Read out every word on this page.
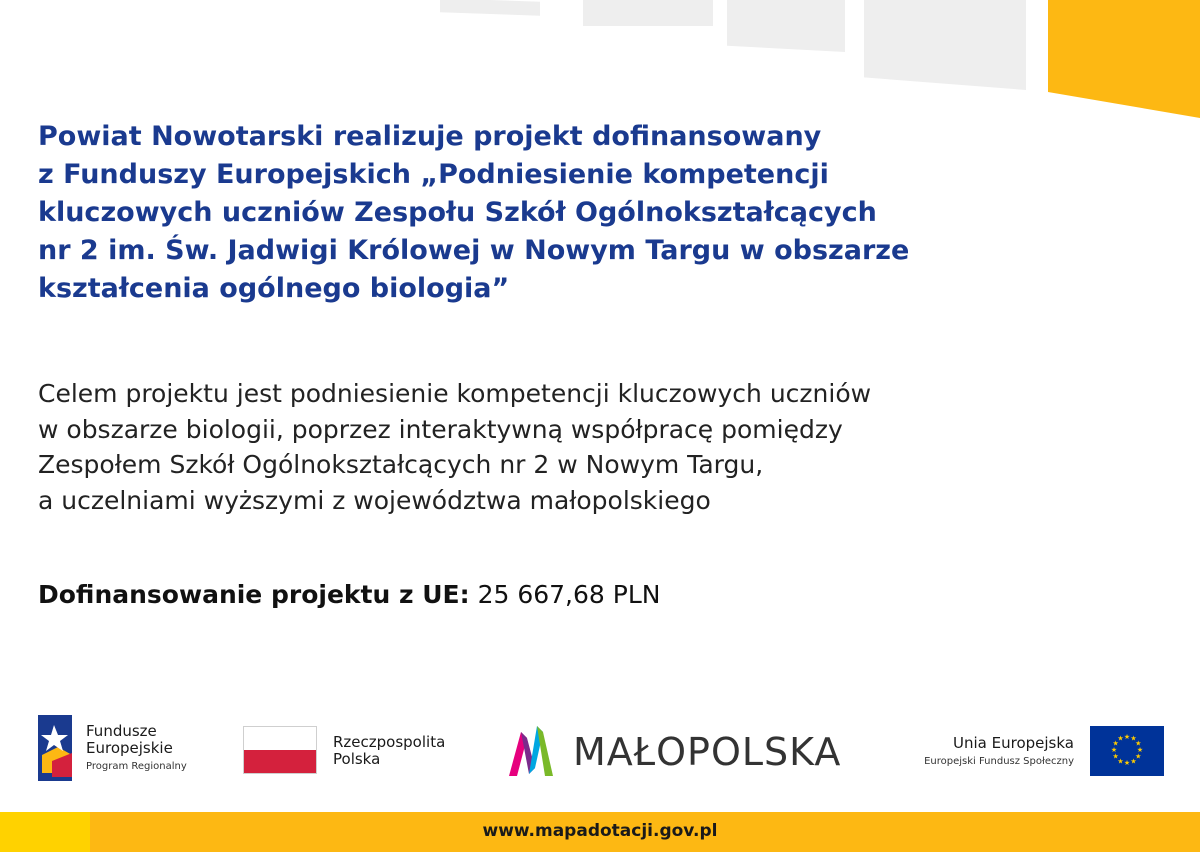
Powiat Nowotarski realizuje projekt dofinansowany
z Funduszy Europejskich „Podniesienie kompetencji
kluczowych uczniów Zespołu Szkół Ogólnokształcących
nr 2 im. Św. Jadwigi Królowej w Nowym Targu w obszarze
kształcenia ogólnego biologia”

Celem projektu jest podniesienie kompetencji kluczowych uczniów
w obszarze biologii, poprzez interaktywną współpracę pomiędzy
Zespołem Szkół Ogólnokształcących nr 2 w Nowym Targu,
a uczelniami wyższymi z województwa małopolskiego

Dofinansowanie projektu z UE: 25 667,68 PLN

Fundusze
Europejskie
Program Regionalny
Rzeczpospolita
Polska	MAŁOPOLSKA	Unia Europejska
Europejski Fundusz Społeczny
★ ★
★
★
★
★
★
★
★
★
★
★
www.mapadotacji.gov.pl
